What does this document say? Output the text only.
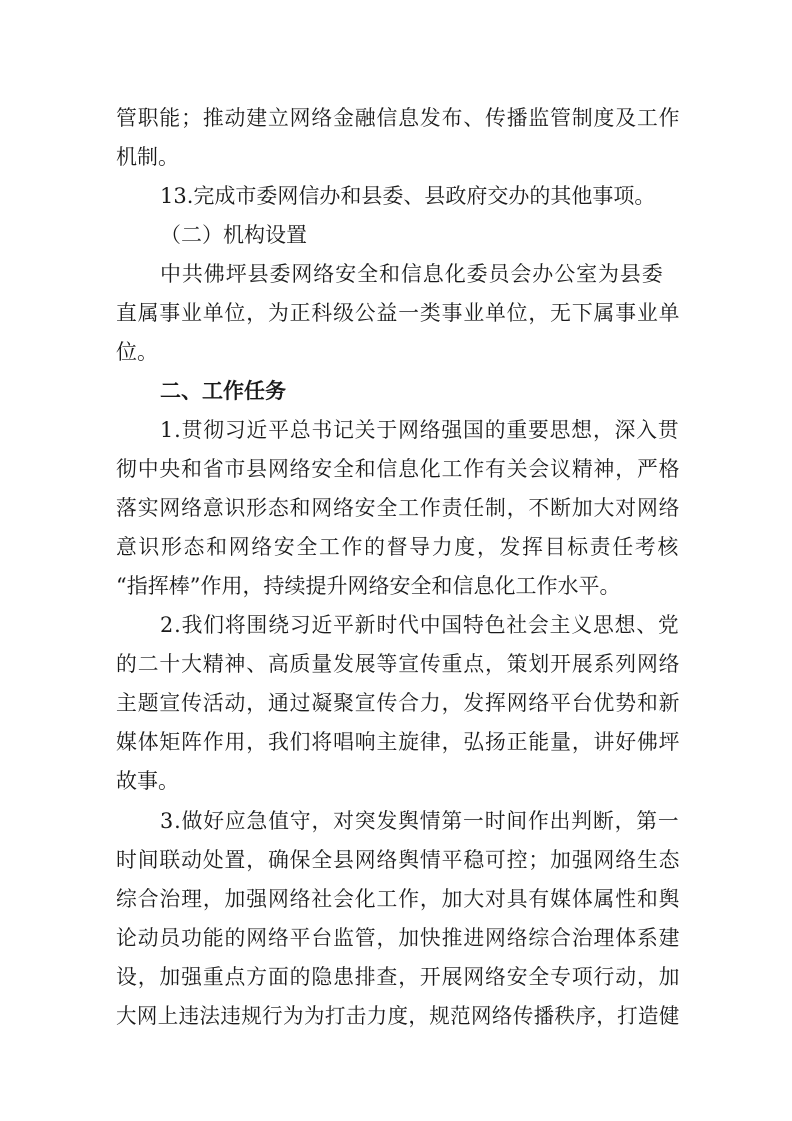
管职能；推动建立网络金融信息发布、传播监管制度及工作
机制。
13.完成市委网信办和县委、县政府交办的其他事项。
（二）机构设置
中共佛坪县委网络安全和信息化委员会办公室为县委
直属事业单位，为正科级公益一类事业单位，无下属事业单
位。
二、工作任务
1.贯彻习近平总书记关于网络强国的重要思想，深入贯
彻中央和省市县网络安全和信息化工作有关会议精神，严格
落实网络意识形态和网络安全工作责任制，不断加大对网络
意识形态和网络安全工作的督导力度，发挥目标责任考核
“指挥棒”作用，持续提升网络安全和信息化工作水平。
2.我们将围绕习近平新时代中国特色社会主义思想、党
的二十大精神、高质量发展等宣传重点，策划开展系列网络
主题宣传活动，通过凝聚宣传合力，发挥网络平台优势和新
媒体矩阵作用，我们将唱响主旋律，弘扬正能量，讲好佛坪
故事。
3.做好应急值守，对突发舆情第一时间作出判断，第一
时间联动处置，确保全县网络舆情平稳可控；加强网络生态
综合治理，加强网络社会化工作，加大对具有媒体属性和舆
论动员功能的网络平台监管，加快推进网络综合治理体系建
设，加强重点方面的隐患排查，开展网络安全专项行动，加
大网上违法违规行为为打击力度，规范网络传播秩序，打造健
